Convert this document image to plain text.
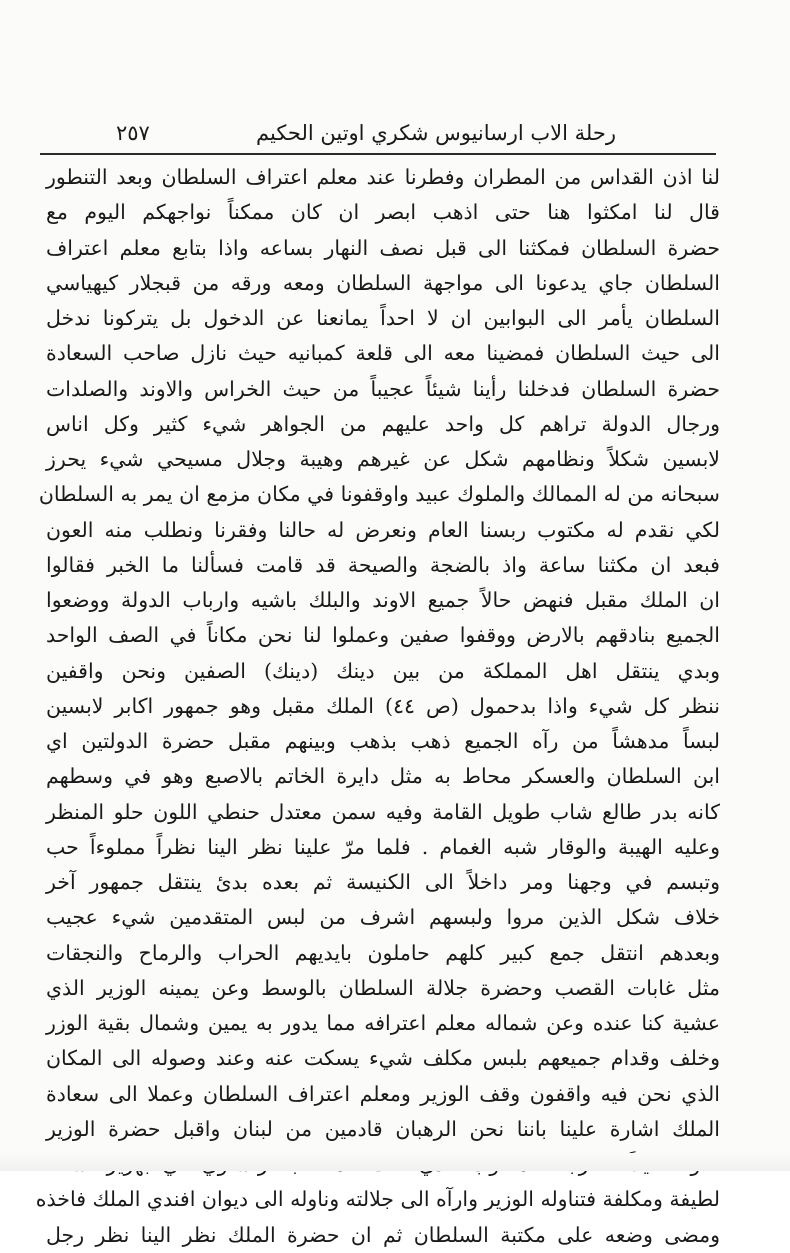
رحلة الاب ارسانيوس شكري اوتين الحكيم
٢٥٧
لنا اذن القداس من المطران وفطرنا عند معلم اعتراف السلطان وبعد التنطور
قال لنا امكثوا هنا حتى اذهب ابصر ان كان ممكناً نواجهكم اليوم مع
حضرة السلطان فمكثنا الى قبل نصف النهار بساعه واذا بتابع معلم اعتراف
السلطان جاي يدعونا الى مواجهة السلطان ومعه ورقه من قبجلار كيهياسي
السلطان يأمر الى البوابين ان لا احداً يمانعنا عن الدخول بل يتركونا ندخل
الى حيث السلطان فمضينا معه الى قلعة كمبانيه حيث نازل صاحب السعادة
حضرة السلطان فدخلنا رأينا شيئاً عجيباً من حيث الخراس والاوند والصلدات
ورجال الدولة تراهم كل واحد عليهم من الجواهر شيء كثير وكل اناس
لابسين شكلاً ونظامهم شكل عن غيرهم وهيبة وجلال مسيحي شيء يحرز
سبحانه من له الممالك والملوك عبيد واوقفونا في مكان مزمع ان يمر به السلطان
لكي نقدم له مكتوب ربسنا العام ونعرض له حالنا وفقرنا ونطلب منه العون
فبعد ان مكثنا ساعة واذ بالضجة والصيحة قد قامت فسألنا ما الخبر فقالوا
ان الملك مقبل فنهض حالاً جميع الاوند والبلك باشيه وارباب الدولة ووضعوا
الجميع بنادقهم بالارض ووقفوا صفين وعملوا لنا نحن مكاناً في الصف الواحد
وبدي ينتقل اهل المملكة من بين دينك (دينك) الصفين ونحن واقفين
ننظر كل شيء واذا بدحمول (ص ٤٤) الملك مقبل وهو جمهور اكابر لابسين
لبساً مدهشاً من رآه الجميع ذهب بذهب وبينهم مقبل حضرة الدولتين اي
ابن السلطان والعسكر محاط به مثل دايرة الخاتم بالاصبع وهو في وسطهم
كانه بدر طالع شاب طويل القامة وفيه سمن معتدل حنطي اللون حلو المنظر
وعليه الهيبة والوقار شبه الغمام . فلما مرّ علينا نظر الينا نظراً مملوءاً حب
وتبسم في وجهنا ومر داخلاً الى الكنيسة ثم بعده بدئ ينتقل جمهور آخر
خلاف شكل الذين مروا ولبسهم اشرف من لبس المتقدمين شيء عجيب
وبعدهم انتقل جمع كبير كلهم حاملون بايديهم الحراب والرماح والنجقات
مثل غابات القصب وحضرة جلالة السلطان بالوسط وعن يمينه الوزير الذي
عشية كنا عنده وعن شماله معلم اعترافه مما يدور به يمين وشمال بقية الوزر
وخلف وقدام جميعهم بلبس مكلف شيء يسكت عنه وعند وصوله الى المكان
الذي نحن فيه واقفون وقف الوزير ومعلم اعتراف السلطان وعملا الى سعادة
الملك اشارة علينا باننا نحن الرهبان قادمين من لبنان واقبل حضرة الوزير
لطيفة ومكلفة فتناوله الوزير وارآه الى جلالته وناوله الى ديوان افندي الملك فاخذه
ومضى وضعه على مكتبة السلطان ثم ان حضرة الملك نظر الينا نظر رجل
